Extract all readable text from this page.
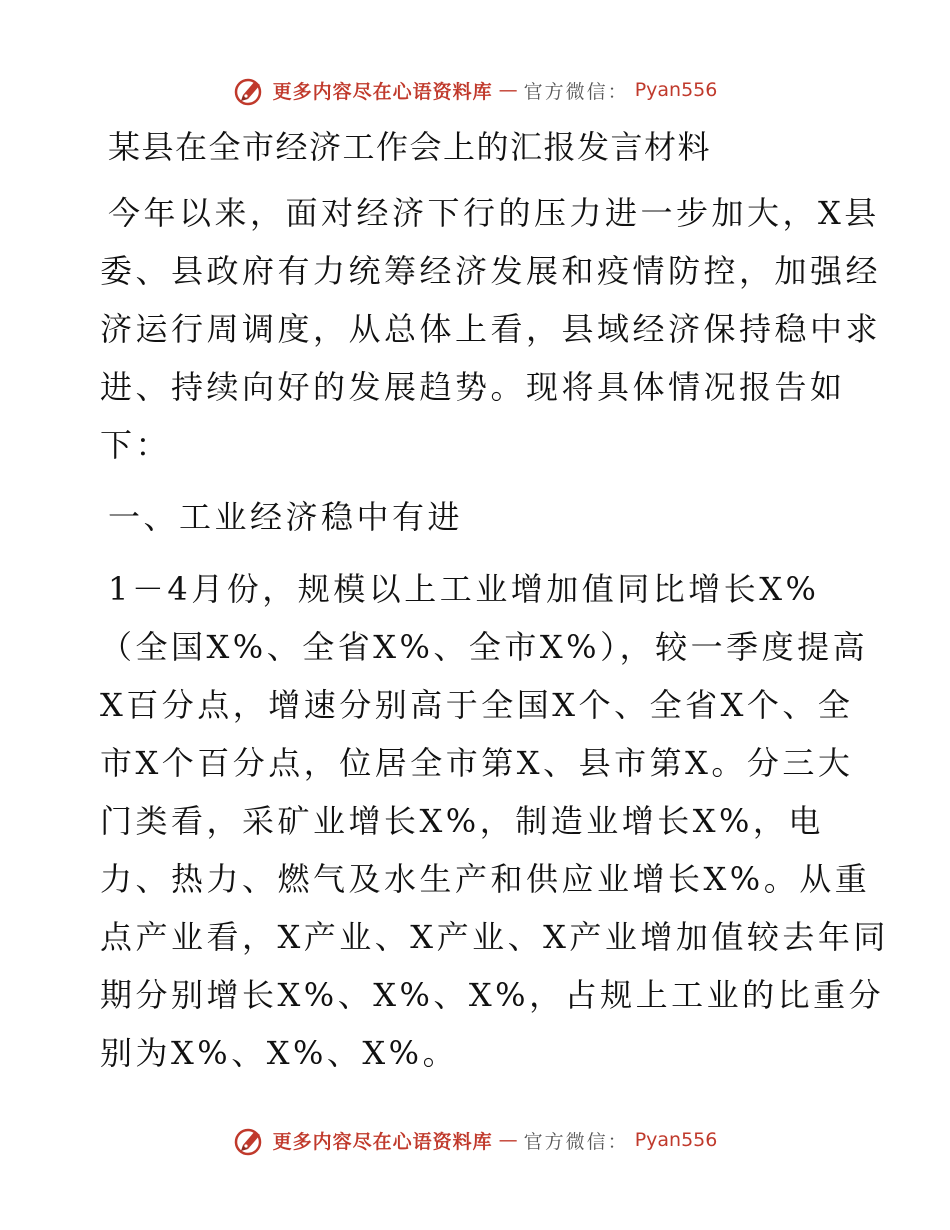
更多内容尽在心语资料库 — 官方微信： Pyan556
某县在全市经济工作会上的汇报发言材料
今年以来，面对经济下行的压力进一步加大，X县
委、县政府有力统筹经济发展和疫情防控，加强经
济运行周调度，从总体上看，县域经济保持稳中求
进、持续向好的发展趋势。现将具体情况报告如
下：
一、工业经济稳中有进
1－4月份，规模以上工业增加值同比增长X%
（全国X%、全省X%、全市X%），较一季度提高
X百分点，增速分别高于全国X个、全省X个、全
市X个百分点，位居全市第X、县市第X。分三大
门类看，采矿业增长X%，制造业增长X%，电
力、热力、燃气及水生产和供应业增长X%。从重
点产业看，X产业、X产业、X产业增加值较去年同
期分别增长X%、X%、X%，占规上工业的比重分
别为X%、X%、X%。
更多内容尽在心语资料库 — 官方微信： Pyan556
